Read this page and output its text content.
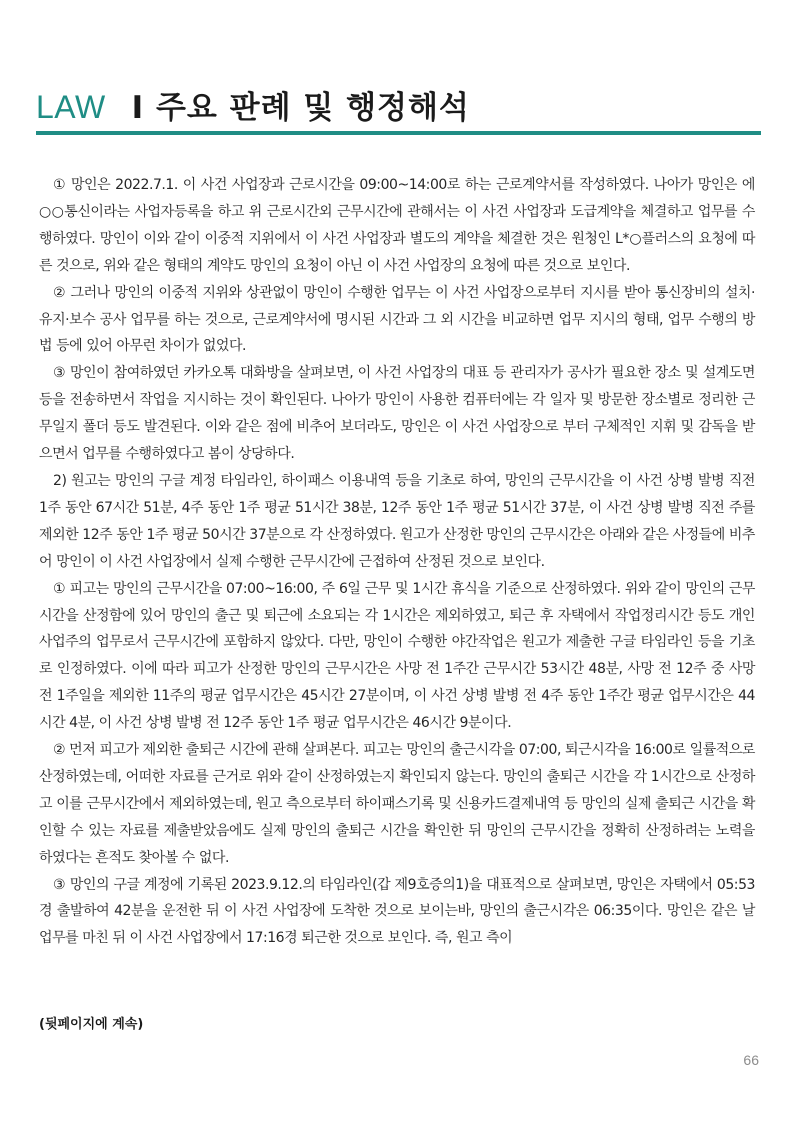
LAW I 주요 판례 및 행정해석

① 망인은 2022.7.1. 이 사건 사업장과 근로시간을 09:00~14:00로 하는 근로계약서를 작성하였다. 나아가 망인은 에○○통신이라는 사업자등록을 하고 위 근로시간외 근무시간에 관해서는 이 사건 사업장과 도급계약을 체결하고 업무를 수행하였다. 망인이 이와 같이 이중적 지위에서 이 사건 사업장과 별도의 계약을 체결한 것은 원청인 L*○플러스의 요청에 따른 것으로, 위와 같은 형태의 계약도 망인의 요청이 아닌 이 사건 사업장의 요청에 따른 것으로 보인다.

② 그러나 망인의 이중적 지위와 상관없이 망인이 수행한 업무는 이 사건 사업장으로부터 지시를 받아 통신장비의 설치·유지·보수 공사 업무를 하는 것으로, 근로계약서에 명시된 시간과 그 외 시간을 비교하면 업무 지시의 형태, 업무 수행의 방법 등에 있어 아무런 차이가 없었다.

③ 망인이 참여하였던 카카오톡 대화방을 살펴보면, 이 사건 사업장의 대표 등 관리자가 공사가 필요한 장소 및 설계도면 등을 전송하면서 작업을 지시하는 것이 확인된다. 나아가 망인이 사용한 컴퓨터에는 각 일자 및 방문한 장소별로 정리한 근무일지 폴더 등도 발견된다. 이와 같은 점에 비추어 보더라도, 망인은 이 사건 사업장으로 부터 구체적인 지휘 및 감독을 받으면서 업무를 수행하였다고 봄이 상당하다.

2) 원고는 망인의 구글 계정 타임라인, 하이패스 이용내역 등을 기초로 하여, 망인의 근무시간을 이 사건 상병 발병 직전 1주 동안 67시간 51분, 4주 동안 1주 평균 51시간 38분, 12주 동안 1주 평균 51시간 37분, 이 사건 상병 발병 직전 주를 제외한 12주 동안 1주 평균 50시간 37분으로 각 산정하였다. 원고가 산정한 망인의 근무시간은 아래와 같은 사정들에 비추어 망인이 이 사건 사업장에서 실제 수행한 근무시간에 근접하여 산정된 것으로 보인다.

① 피고는 망인의 근무시간을 07:00~16:00, 주 6일 근무 및 1시간 휴식을 기준으로 산정하였다. 위와 같이 망인의 근무시간을 산정함에 있어 망인의 출근 및 퇴근에 소요되는 각 1시간은 제외하였고, 퇴근 후 자택에서 작업정리시간 등도 개인사업주의 업무로서 근무시간에 포함하지 않았다. 다만, 망인이 수행한 야간작업은 원고가 제출한 구글 타임라인 등을 기초로 인정하였다. 이에 따라 피고가 산정한 망인의 근무시간은 사망 전 1주간 근무시간 53시간 48분, 사망 전 12주 중 사망 전 1주일을 제외한 11주의 평균 업무시간은 45시간 27분이며, 이 사건 상병 발병 전 4주 동안 1주간 평균 업무시간은 44시간 4분, 이 사건 상병 발병 전 12주 동안 1주 평균 업무시간은 46시간 9분이다.

② 먼저 피고가 제외한 출퇴근 시간에 관해 살펴본다. 피고는 망인의 출근시각을 07:00, 퇴근시각을 16:00로 일률적으로 산정하였는데, 어떠한 자료를 근거로 위와 같이 산정하였는지 확인되지 않는다. 망인의 출퇴근 시간을 각 1시간으로 산정하고 이를 근무시간에서 제외하였는데, 원고 측으로부터 하이패스기록 및 신용카드결제내역 등 망인의 실제 출퇴근 시간을 확인할 수 있는 자료를 제출받았음에도 실제 망인의 출퇴근 시간을 확인한 뒤 망인의 근무시간을 정확히 산정하려는 노력을 하였다는 흔적도 찾아볼 수 없다.

③ 망인의 구글 계정에 기록된 2023.9.12.의 타임라인(갑 제9호증의1)을 대표적으로 살펴보면, 망인은 자택에서 05:53경 출발하여 42분을 운전한 뒤 이 사건 사업장에 도착한 것으로 보이는바, 망인의 출근시각은 06:35이다. 망인은 같은 날 업무를 마친 뒤 이 사건 사업장에서 17:16경 퇴근한 것으로 보인다. 즉, 원고 측이

(뒷페이지에 계속)
66
